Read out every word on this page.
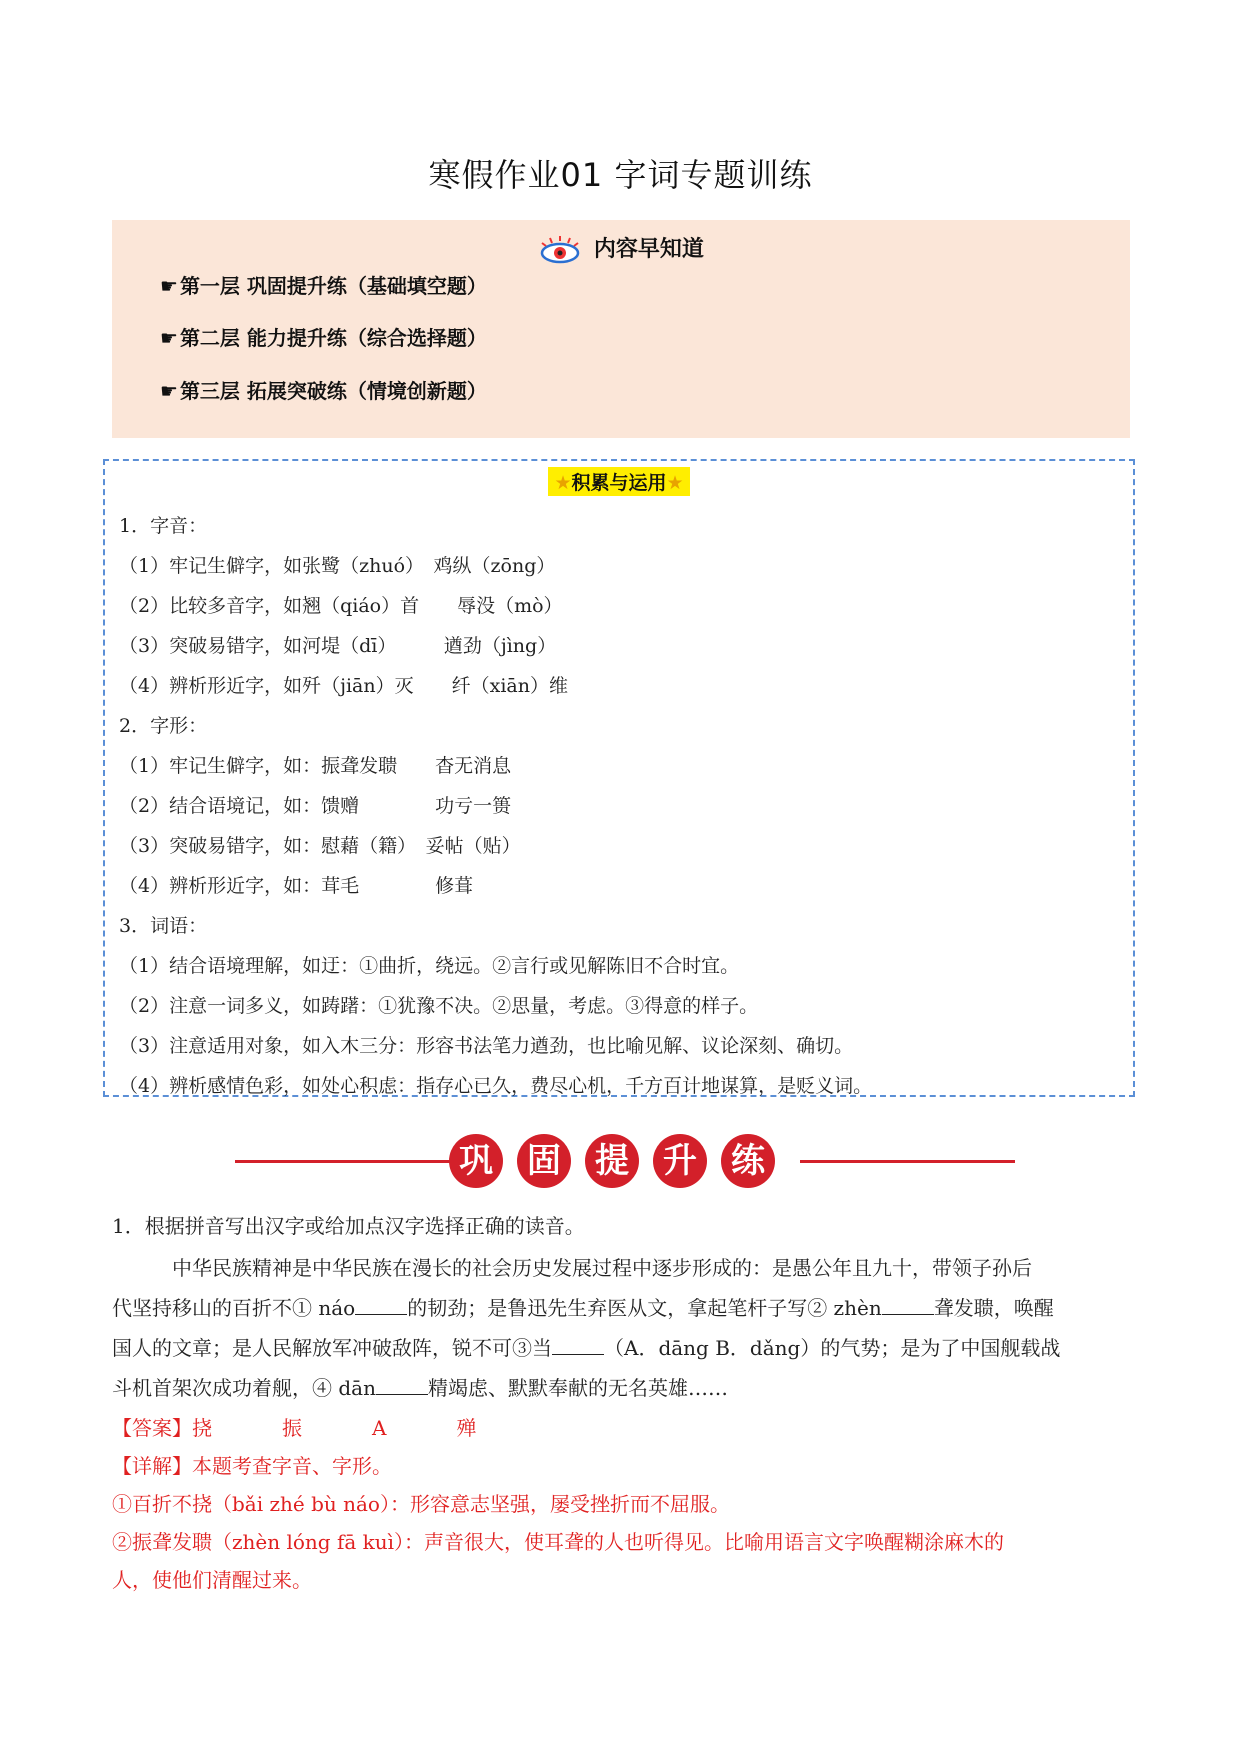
寒假作业01 字词专题训练
内容早知道
☛ 第一层 巩固提升练（基础填空题）
☛ 第二层 能力提升练（综合选择题）
☛ 第三层 拓展突破练（情境创新题）
★积累与运用★
1．字音：
（1）牢记生僻字，如张鹭（zhuó）　鸡纵（zōng）
（2）比较多音字，如翘（qiáo）首　　辱没（mò）
（3）突破易错字，如河堤（dī）　　　遒劲（jìng）
（4）辨析形近字，如歼（jiān）灭　　纤（xiān）维
2．字形：
（1）牢记生僻字，如：振聋发聩　　杳无消息
（2）结合语境记，如：馈赠　　　　功亏一篑
（3）突破易错字，如：慰藉（籍）　妥帖（贴）
（4）辨析形近字，如：茸毛　　　　修葺
3．词语：
（1）结合语境理解，如迂：①曲折，绕远。②言行或见解陈旧不合时宜。
（2）注意一词多义，如踌躇：①犹豫不决。②思量，考虑。③得意的样子。
（3）注意适用对象，如入木三分：形容书法笔力遒劲，也比喻见解、议论深刻、确切。
（4）辨析感情色彩，如处心积虑：指存心已久，费尽心机，千方百计地谋算，是贬义词。
巩 固 提 升 练
1．根据拼音写出汉字或给加点汉字选择正确的读音。
中华民族精神是中华民族在漫长的社会历史发展过程中逐步形成的：是愚公年且九十，带领子孙后
代坚持移山的百折不① náo	的韧劲；是鲁迅先生弃医从文，拿起笔杆子写② zhèn	聋发聩，唤醒
国人的文章；是人民解放军冲破敌阵，锐不可③当	（A．dāng B．dǎng）的气势；是为了中国舰载战
斗机首架次成功着舰，④ dān	精竭虑、默默奉献的无名英雄……
【答案】挠	振	A	殚
【详解】本题考查字音、字形。
①百折不挠（bǎi zhé bù náo）：形容意志坚强，屡受挫折而不屈服。
②振聋发聩（zhèn lóng fā kuì）：声音很大，使耳聋的人也听得见。比喻用语言文字唤醒糊涂麻木的
人，使他们清醒过来。
